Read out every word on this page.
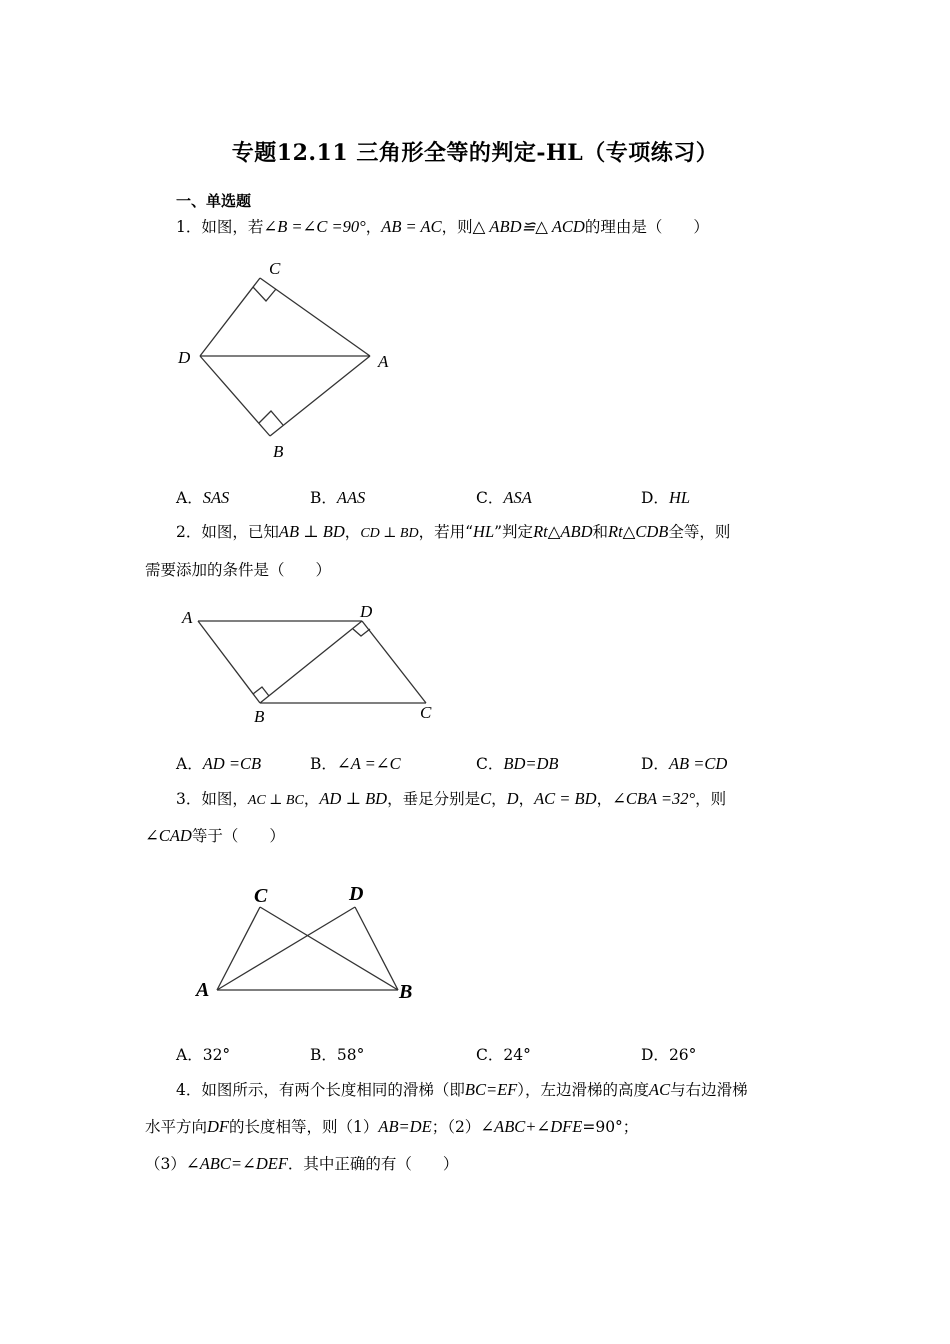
专题12.11 三角形全等的判定-HL（专项练习）
一、单选题
1．如图，若∠B =∠C =90°，AB = AC，则△ ABD≌△ ACD的理由是（　　）
C
D	A
B
A．SAS	B．AAS	C．ASA	D．HL
2．如图，已知AB ⊥ BD，CD ⊥ BD，若用“HL”判定Rt△ABD和Rt△CDB全等，则
需要添加的条件是（　　）
A	D
B	C
A．AD =CB	B．∠A =∠C	C．BD=DB	D．AB =CD
3．如图，AC ⊥ BC，AD ⊥ BD，垂足分别是C，D，AC = BD，∠CBA =32°，则
∠CAD等于（　　）
C	D
A	B
A．32°	B．58°	C．24°	D．26°
4．如图所示，有两个长度相同的滑梯（即BC=EF），左边滑梯的高度AC与右边滑梯
水平方向DF的长度相等，则（1）AB=DE；（2）∠ABC+∠DFE=90°；
（3）∠ABC=∠DEF．其中正确的有（　　）
